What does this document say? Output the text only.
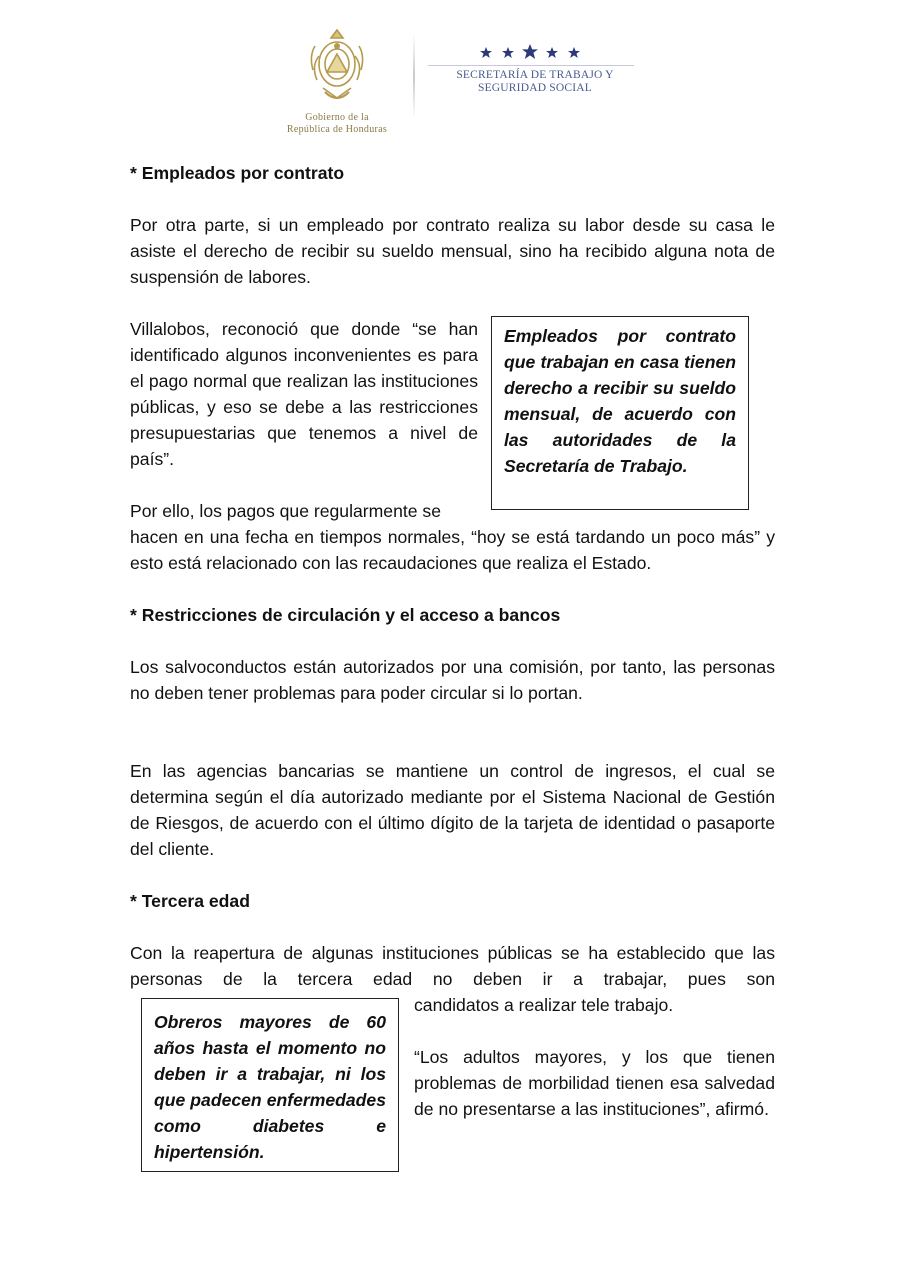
Gobierno de la
República de Honduras
SECRETARÍA DE TRABAJO Y
SEGURIDAD SOCIAL

* Empleados por contrato

Por otra parte, si un empleado por contrato realiza su labor desde su casa le asiste el derecho de recibir su sueldo mensual, sino ha recibido alguna nota de suspensión de labores.

Villalobos, reconoció que donde “se han identificado algunos inconvenientes es para el pago normal que realizan las instituciones públicas, y eso se debe a las restricciones presupuestarias que tenemos a nivel de país”.

Empleados por contrato que trabajan en casa tienen derecho a recibir su sueldo mensual, de acuerdo con las autoridades de la Secretaría de Trabajo.

Por ello, los pagos que regularmente se

hacen en una fecha en tiempos normales, “hoy se está tardando un poco más” y esto está relacionado con las recaudaciones que realiza el Estado.

* Restricciones de circulación y el acceso a bancos

Los salvoconductos están autorizados por una comisión, por tanto, las personas no deben tener problemas para poder circular si lo portan.

En las agencias bancarias se mantiene un control de ingresos, el cual se determina según el día autorizado mediante por el Sistema Nacional de Gestión de Riesgos, de acuerdo con el último dígito de la tarjeta de identidad o pasaporte del cliente.

* Tercera edad

Con la reapertura de algunas instituciones públicas se ha establecido que las personas de la tercera edad no deben ir a trabajar, pues son

candidatos a realizar tele trabajo.

“Los adultos mayores, y los que tienen problemas de morbilidad tienen esa salvedad de no presentarse a las instituciones”, afirmó.

Obreros mayores de 60 años hasta el momento no deben ir a trabajar, ni los que padecen enfermedades como diabetes e hipertensión.
